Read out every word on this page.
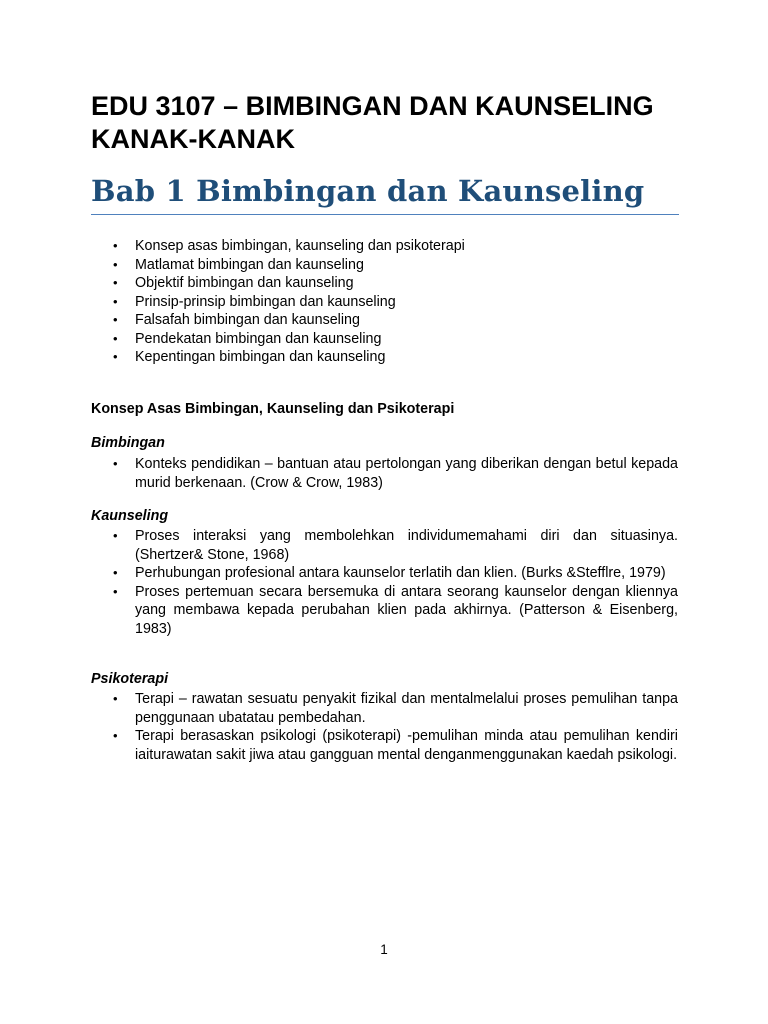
EDU 3107 – BIMBINGAN DAN KAUNSELING KANAK-KANAK
Bab 1 Bimbingan dan Kaunseling
• Konsep asas bimbingan, kaunseling dan psikoterapi
• Matlamat bimbingan dan kaunseling
• Objektif bimbingan dan kaunseling
• Prinsip-prinsip bimbingan dan kaunseling
• Falsafah bimbingan dan kaunseling
• Pendekatan bimbingan dan kaunseling
• Kepentingan bimbingan dan kaunseling
Konsep Asas Bimbingan, Kaunseling dan Psikoterapi
Bimbingan
• Konteks pendidikan – bantuan atau pertolongan yang diberikan dengan betul kepada murid berkenaan. (Crow & Crow, 1983)
Kaunseling
• Proses interaksi yang membolehkan individumemahami diri dan situasinya. (Shertzer& Stone, 1968)
• Perhubungan profesional antara kaunselor terlatih dan klien. (Burks &Stefflre, 1979)
• Proses pertemuan secara bersemuka di antara seorang kaunselor dengan kliennya yang membawa kepada perubahan klien pada akhirnya. (Patterson & Eisenberg, 1983)
Psikoterapi
• Terapi – rawatan sesuatu penyakit fizikal dan mentalmelalui proses pemulihan tanpa penggunaan ubatatau pembedahan.
• Terapi berasaskan psikologi (psikoterapi) -pemulihan minda atau pemulihan kendiri iaiturawatan sakit jiwa atau gangguan mental denganmenggunakan kaedah psikologi.
1
